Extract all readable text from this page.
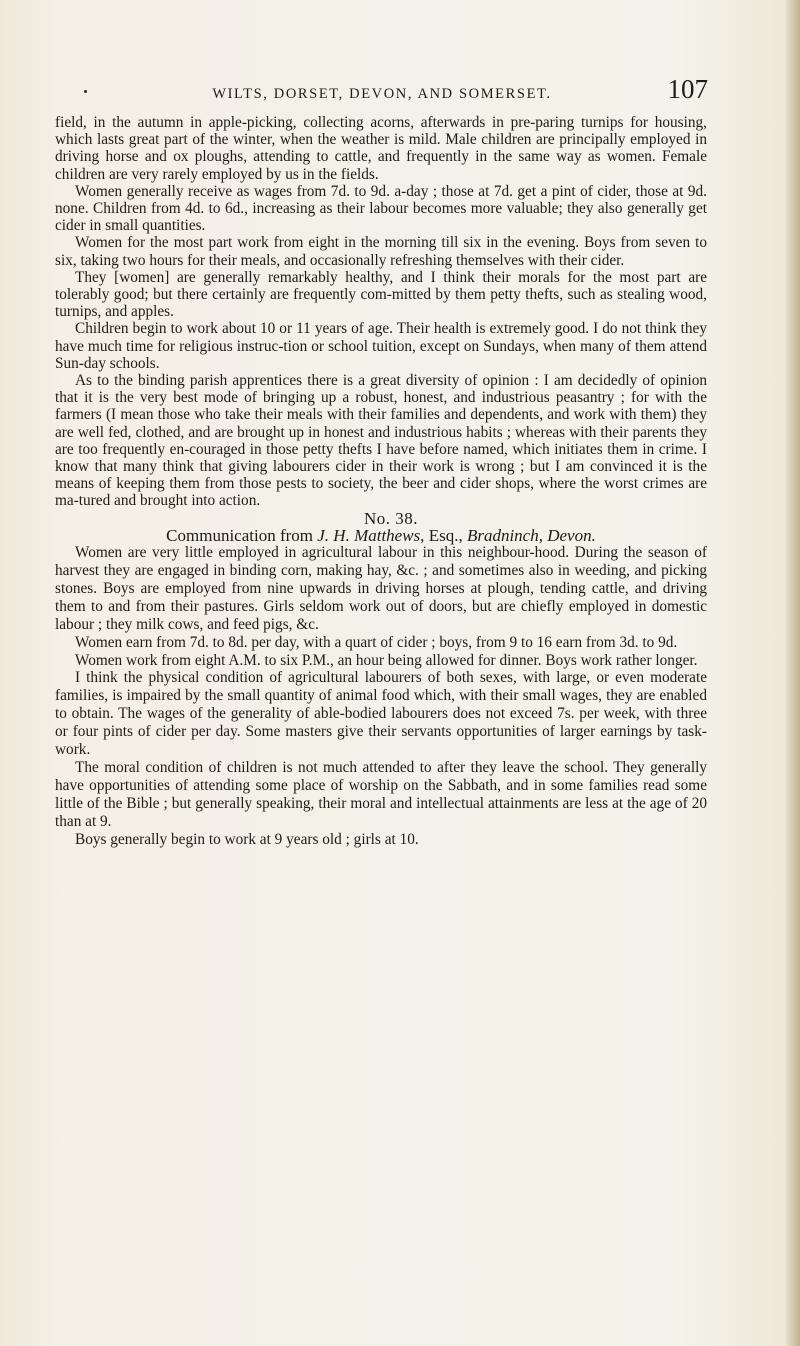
WILTS, DORSET, DEVON, AND SOMERSET.	107

field, in the autumn in apple-picking, collecting acorns, afterwards in pre-paring turnips for housing, which lasts great part of the winter, when the weather is mild. Male children are principally employed in driving horse and ox ploughs, attending to cattle, and frequently in the same way as women. Female children are very rarely employed by us in the fields.

Women generally receive as wages from 7d. to 9d. a-day ; those at 7d. get a pint of cider, those at 9d. none. Children from 4d. to 6d., increasing as their labour becomes more valuable; they also generally get cider in small quantities.

Women for the most part work from eight in the morning till six in the evening. Boys from seven to six, taking two hours for their meals, and occasionally refreshing themselves with their cider.

They [women] are generally remarkably healthy, and I think their morals for the most part are tolerably good; but there certainly are frequently com-mitted by them petty thefts, such as stealing wood, turnips, and apples.

Children begin to work about 10 or 11 years of age. Their health is extremely good. I do not think they have much time for religious instruc-tion or school tuition, except on Sundays, when many of them attend Sun-day schools.

As to the binding parish apprentices there is a great diversity of opinion : I am decidedly of opinion that it is the very best mode of bringing up a robust, honest, and industrious peasantry ; for with the farmers (I mean those who take their meals with their families and dependents, and work with them) they are well fed, clothed, and are brought up in honest and industrious habits ; whereas with their parents they are too frequently en-couraged in those petty thefts I have before named, which initiates them in crime. I know that many think that giving labourers cider in their work is wrong ; but I am convinced it is the means of keeping them from those pests to society, the beer and cider shops, where the worst crimes are ma-tured and brought into action.

No. 38.

Communication from J. H. Matthews, Esq., Bradninch, Devon.

Women are very little employed in agricultural labour in this neighbour-hood. During the season of harvest they are engaged in binding corn, making hay, &c. ; and sometimes also in weeding, and picking stones. Boys are employed from nine upwards in driving horses at plough, tending cattle, and driving them to and from their pastures. Girls seldom work out of doors, but are chiefly employed in domestic labour ; they milk cows, and feed pigs, &c.

Women earn from 7d. to 8d. per day, with a quart of cider ; boys, from 9 to 16 earn from 3d. to 9d.

Women work from eight A.M. to six P.M., an hour being allowed for dinner. Boys work rather longer.

I think the physical condition of agricultural labourers of both sexes, with large, or even moderate families, is impaired by the small quantity of animal food which, with their small wages, they are enabled to obtain. The wages of the generality of able-bodied labourers does not exceed 7s. per week, with three or four pints of cider per day. Some masters give their servants opportunities of larger earnings by task-work.

The moral condition of children is not much attended to after they leave the school. They generally have opportunities of attending some place of worship on the Sabbath, and in some families read some little of the Bible ; but generally speaking, their moral and intellectual attainments are less at the age of 20 than at 9.

Boys generally begin to work at 9 years old ; girls at 10.
